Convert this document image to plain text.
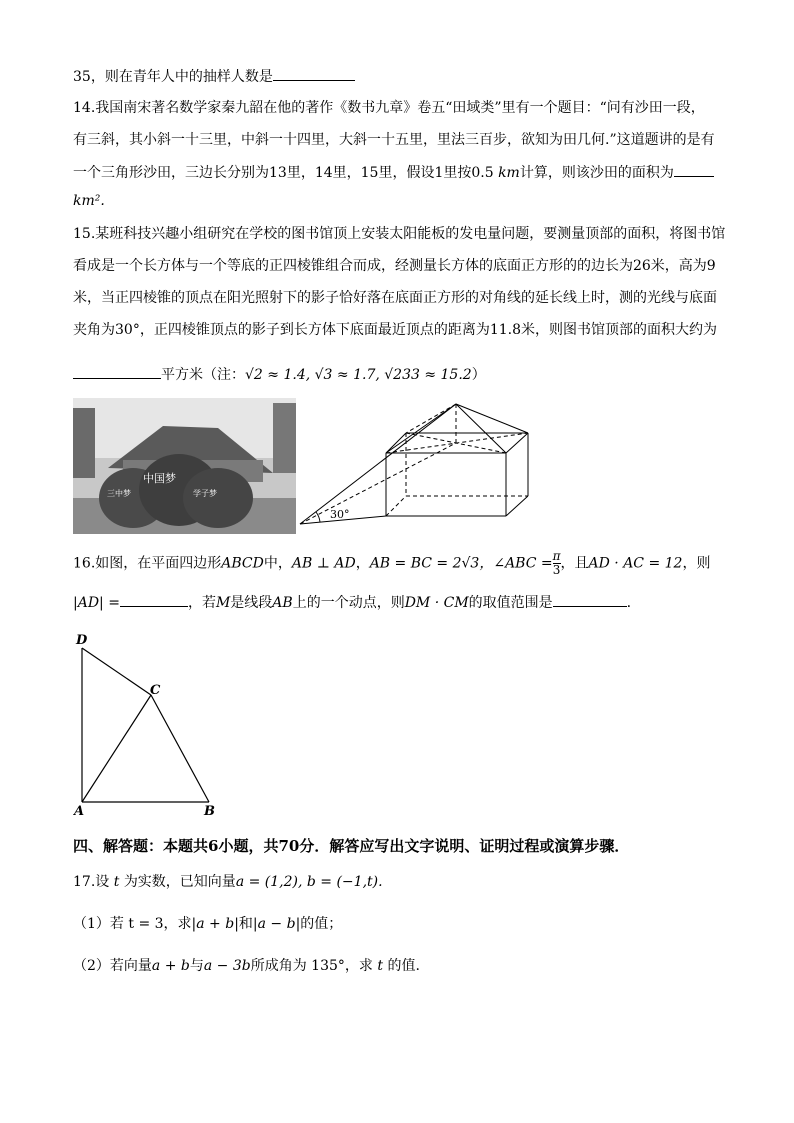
35，则在青年人中的抽样人数是
14.我国南宋著名数学家秦九韶在他的著作《数书九章》卷五“田域类”里有一个题目：“问有沙田一段，
有三斜，其小斜一十三里，中斜一十四里，大斜一十五里，里法三百步，欲知为田几何.”这道题讲的是有
一个三角形沙田，三边长分别为13里，14里，15里，假设1里按0.5 km计算，则该沙田的面积为
km².
15.某班科技兴趣小组研究在学校的图书馆顶上安装太阳能板的发电量问题，要测量顶部的面积，将图书馆
看成是一个长方体与一个等底的正四棱锥组合而成，经测量长方体的底面正方形的的边长为26米，高为9
米，当正四棱锥的顶点在阳光照射下的影子恰好落在底面正方形的对角线的延长线上时，测的光线与底面
夹角为30°，正四棱锥顶点的影子到长方体下底面最近顶点的距离为11.8米，则图书馆顶部的面积大约为
平方米（注：√2 ≈ 1.4, √3 ≈ 1.7, √233 ≈ 15.2）
中国梦
三中梦	学子梦
30°
16.如图，在平面四边形ABCD中，AB ⊥ AD，AB = BC = 2√3，∠ABC = $\frac{\pi}{3}$ ，且AD · AC = 12，则
|AD| =	，若M是线段AB上的一个动点，则DM · CM的取值范围是	.
D
C
A	B
四、解答题：本题共6小题，共70分．解答应写出文字说明、证明过程或演算步骤．
17.设 t 为实数，已知向量a = (1,2), b = (−1,t).
（1）若 t = 3，求|a + b|和|a − b|的值；
（2）若向量a + b与a − 3b所成角为 135°，求 t 的值.
